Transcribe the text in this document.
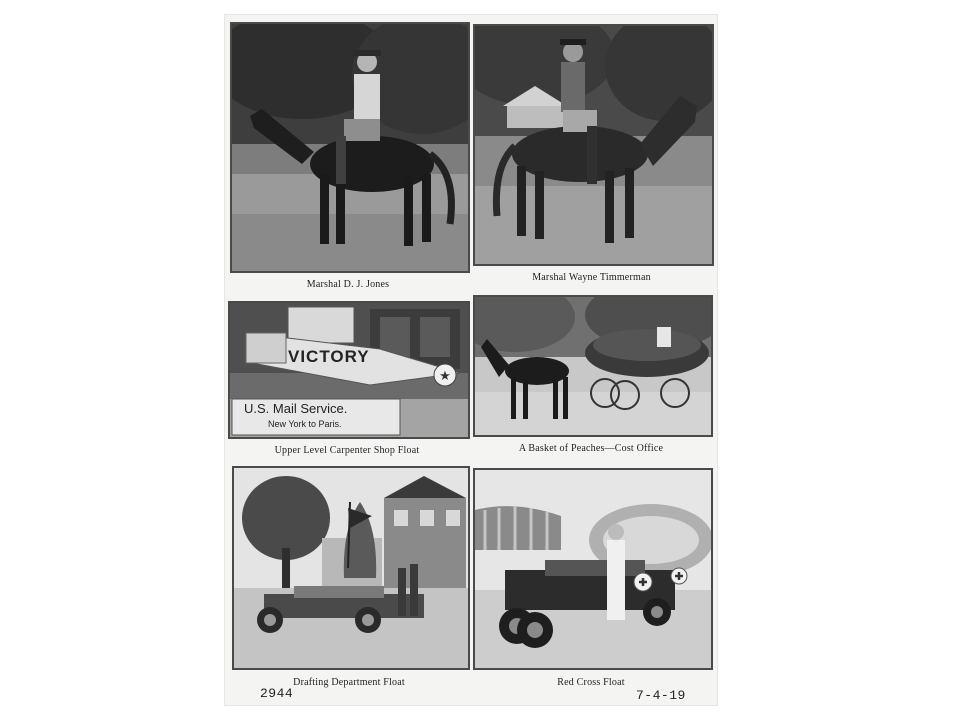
Marshal D. J. Jones
Marshal Wayne Timmerman
★
VICTORY
U.S. Mail Service.
New York to Paris.
Upper Level Carpenter Shop Float	A Basket of Peaches—Cost Office
Drafting Department Float	Red Cross Float
2944	7-4-19
